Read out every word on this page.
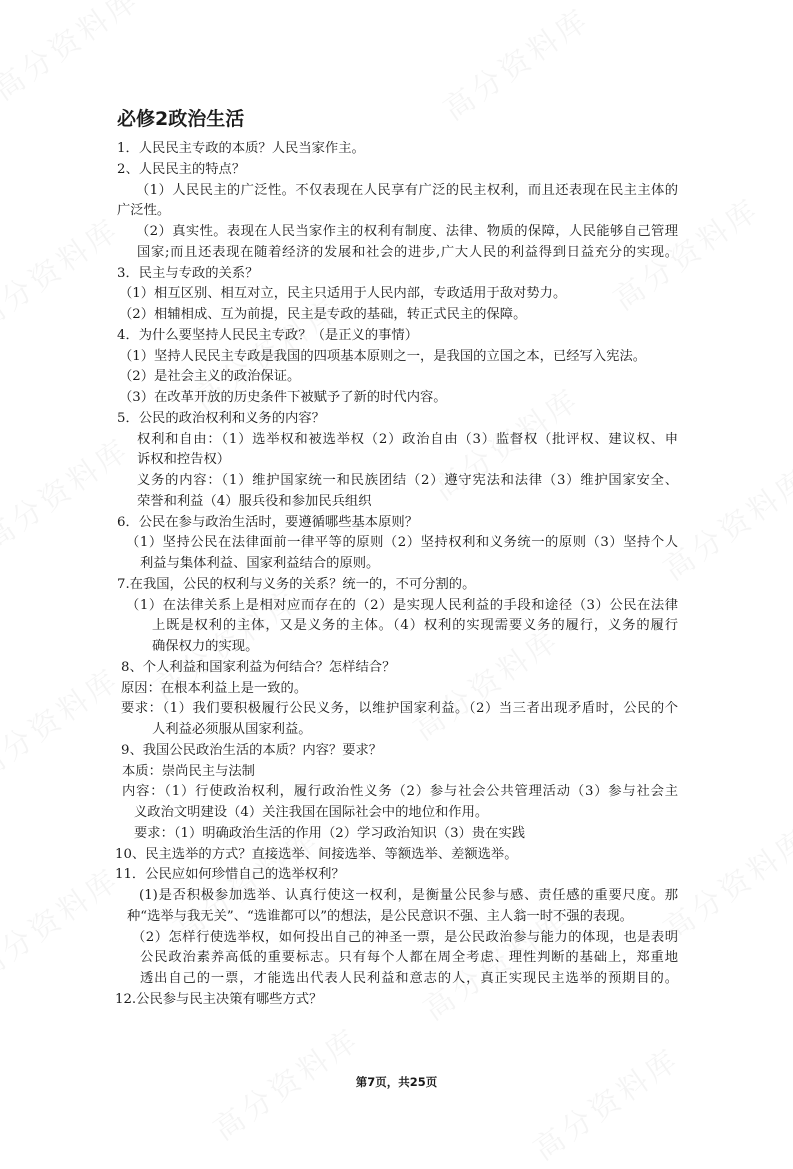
必修2政治生活
1．人民民主专政的本质？人民当家作主。
2、人民民主的特点？
（1）人民民主的广泛性。不仅表现在人民享有广泛的民主权利，而且还表现在民主主体的
广泛性。
（2）真实性。表现在人民当家作主的权利有制度、法律、物质的保障，人民能够自己管理
国家;而且还表现在随着经济的发展和社会的进步,广大人民的利益得到日益充分的实现。
3．民主与专政的关系？
（1）相互区别、相互对立，民主只适用于人民内部，专政适用于敌对势力。
（2）相辅相成、互为前提，民主是专政的基础，转正式民主的保障。
4．为什么要坚持人民民主专政？（是正义的事情）
（1）坚持人民民主专政是我国的四项基本原则之一，是我国的立国之本，已经写入宪法。
（2）是社会主义的政治保证。
（3）在改革开放的历史条件下被赋予了新的时代内容。
5．公民的政治权利和义务的内容？
权利和自由：（1）选举权和被选举权（2）政治自由（3）监督权（批评权、建议权、申
诉权和控告权）
义务的内容：（1）维护国家统一和民族团结（2）遵守宪法和法律（3）维护国家安全、
荣誉和利益（4）服兵役和参加民兵组织
6．公民在参与政治生活时，要遵循哪些基本原则？
（1）坚持公民在法律面前一律平等的原则（2）坚持权利和义务统一的原则（3）坚持个人
利益与集体利益、国家利益结合的原则。
7.在我国，公民的权利与义务的关系？统一的，不可分割的。
（1）在法律关系上是相对应而存在的（2）是实现人民利益的手段和途径（3）公民在法律
上既是权利的主体，又是义务的主体。（4）权利的实现需要义务的履行，义务的履行
确保权力的实现。
8、个人利益和国家利益为何结合？怎样结合？
原因：在根本利益上是一致的。
要求：（1）我们要积极履行公民义务，以维护国家利益。（2）当三者出现矛盾时，公民的个
人利益必须服从国家利益。
9、我国公民政治生活的本质？内容？要求？
本质：崇尚民主与法制
内容：（1）行使政治权利，履行政治性义务（2）参与社会公共管理活动（3）参与社会主
义政治文明建设（4）关注我国在国际社会中的地位和作用。
要求：（1）明确政治生活的作用（2）学习政治知识（3）贵在实践
10、民主选举的方式？直接选举、间接选举、等额选举、差额选举。
11．公民应如何珍惜自己的选举权利？
(1)是否积极参加选举、认真行使这一权利，是衡量公民参与感、责任感的重要尺度。那
种“选举与我无关”、“选谁都可以”的想法，是公民意识不强、主人翁一时不强的表现。
（2）怎样行使选举权，如何投出自己的神圣一票，是公民政治参与能力的体现，也是表明
公民政治素养高低的重要标志。只有每个人都在周全考虑、理性判断的基础上，郑重地
透出自己的一票，才能选出代表人民利益和意志的人，真正实现民主选举的预期目的。
12.公民参与民主决策有哪些方式？
第7页，共25页
